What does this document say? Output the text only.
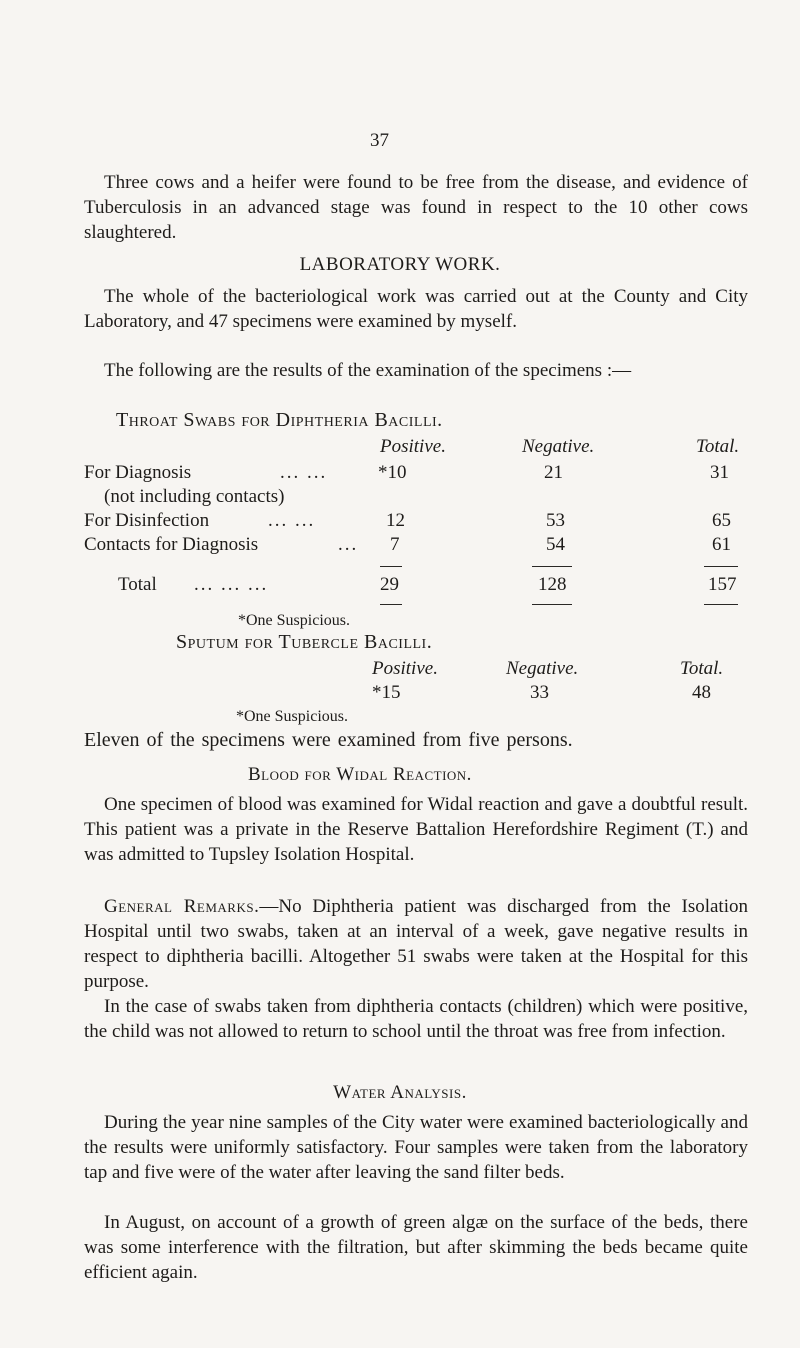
37
Three cows and a heifer were found to be free from the disease, and evidence of Tuberculosis in an advanced stage was found in respect to the 10 other cows slaughtered.
LABORATORY WORK.
The whole of the bacteriological work was carried out at the County and City Laboratory, and 47 specimens were examined by myself.
The following are the results of the examination of the specimens :—
Throat Swabs for Diphtheria Bacilli.
Positive.	Negative.	Total.
For Diagnosis	... ...	*10	21	31
(not including contacts)
For Disinfection	... ...	12	53	65
Contacts for Diagnosis	... 7	54	61
Total ... ... ...	29	128	157
*One Suspicious.
Sputum for Tubercle Bacilli.
Positive.	Negative.	Total.
*15	33	48
*One Suspicious.
Eleven of the specimens were examined from five persons.
Blood for Widal Reaction.
One specimen of blood was examined for Widal reaction and gave a doubtful result. This patient was a private in the Reserve Battalion Herefordshire Regiment (T.) and was admitted to Tupsley Isolation Hospital.
General Remarks.—No Diphtheria patient was discharged from the Isolation Hospital until two swabs, taken at an interval of a week, gave negative results in respect to diphtheria bacilli. Altogether 51 swabs were taken at the Hospital for this purpose.
In the case of swabs taken from diphtheria contacts (children) which were positive, the child was not allowed to return to school until the throat was free from infection.
Water Analysis.
During the year nine samples of the City water were examined bacteriologically and the results were uniformly satisfactory. Four samples were taken from the laboratory tap and five were of the water after leaving the sand filter beds.
In August, on account of a growth of green algæ on the surface of the beds, there was some interference with the filtration, but after skimming the beds became quite efficient again.
